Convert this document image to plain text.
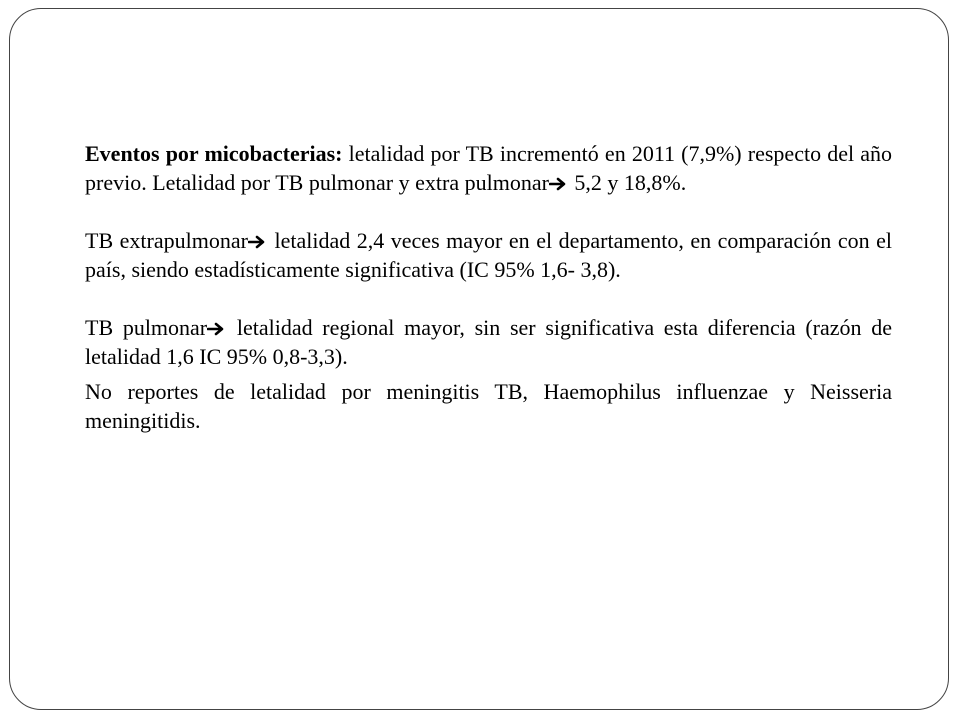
Eventos por micobacterias: letalidad por TB incrementó en 2011 (7,9%) respecto del año previo. Letalidad por TB pulmonar y extra pulmonar 5,2 y 18,8%.

TB extrapulmonar letalidad 2,4 veces mayor en el departamento, en comparación con el país, siendo estadísticamente significativa (IC 95% 1,6- 3,8).

TB pulmonar letalidad regional mayor, sin ser significativa esta diferencia (razón de letalidad 1,6 IC 95% 0,8-3,3).

No reportes de letalidad por meningitis TB, Haemophilus influenzae y Neisseria meningitidis.
